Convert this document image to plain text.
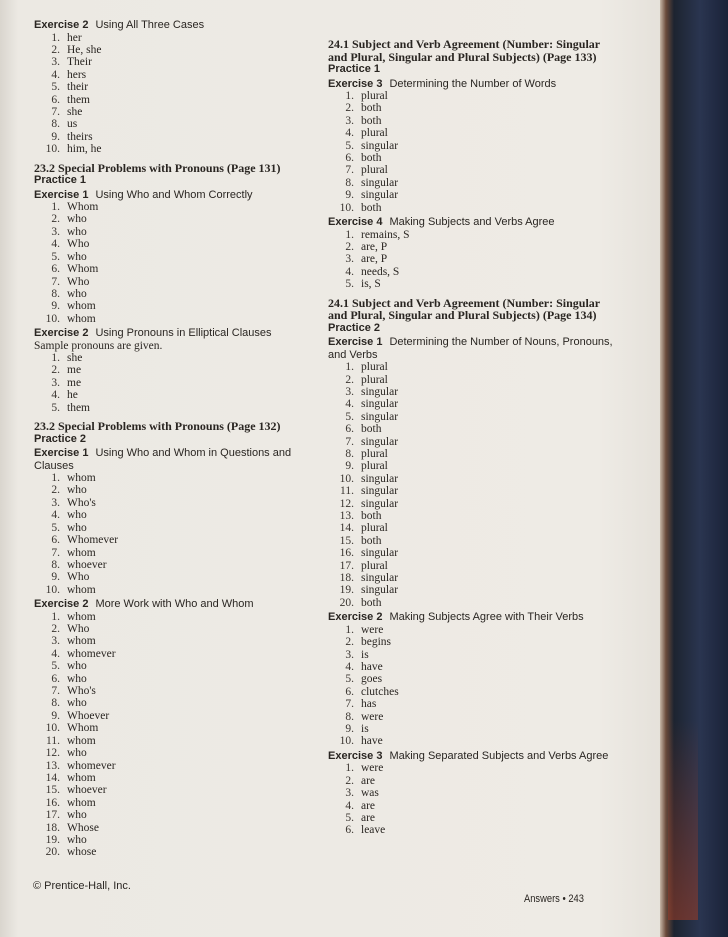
Exercise 2 Using All Three Cases
1. her
2. He, she
3. Their
4. hers
5. their
6. them
7. she
8. us
9. theirs
10. him, he
23.2 Special Problems with Pronouns (Page 131)
Practice 1
Exercise 1 Using Who and Whom Correctly
1. Whom
2. who
3. who
4. Who
5. who
6. Whom
7. Who
8. who
9. whom
10. whom
Exercise 2 Using Pronouns in Elliptical Clauses
Sample pronouns are given.
1. she
2. me
3. me
4. he
5. them
23.2 Special Problems with Pronouns (Page 132)
Practice 2
Exercise 1 Using Who and Whom in Questions and Clauses
1. whom
2. who
3. Who's
4. who
5. who
6. Whomever
7. whom
8. whoever
9. Who
10. whom
Exercise 2 More Work with Who and Whom
1. whom
2. Who
3. whom
4. whomever
5. who
6. who
7. Who's
8. who
9. Whoever
10. Whom
11. whom
12. who
13. whomever
14. whom
15. whoever
16. whom
17. who
18. Whose
19. who
20. whose
24.1 Subject and Verb Agreement (Number: Singular and Plural, Singular and Plural Subjects) (Page 133)
Practice 1
Exercise 3 Determining the Number of Words
1. plural
2. both
3. both
4. plural
5. singular
6. both
7. plural
8. singular
9. singular
10. both
Exercise 4 Making Subjects and Verbs Agree
1. remains, S
2. are, P
3. are, P
4. needs, S
5. is, S
24.1 Subject and Verb Agreement (Number: Singular and Plural, Singular and Plural Subjects) (Page 134)
Practice 2
Exercise 1 Determining the Number of Nouns, Pronouns, and Verbs
1. plural
2. plural
3. singular
4. singular
5. singular
6. both
7. singular
8. plural
9. plural
10. singular
11. singular
12. singular
13. both
14. plural
15. both
16. singular
17. plural
18. singular
19. singular
20. both
Exercise 2 Making Subjects Agree with Their Verbs
1. were
2. begins
3. is
4. have
5. goes
6. clutches
7. has
8. were
9. is
10. have
Exercise 3 Making Separated Subjects and Verbs Agree
1. were
2. are
3. was
4. are
5. are
6. leave
© Prentice-Hall, Inc.
Answers • 243
